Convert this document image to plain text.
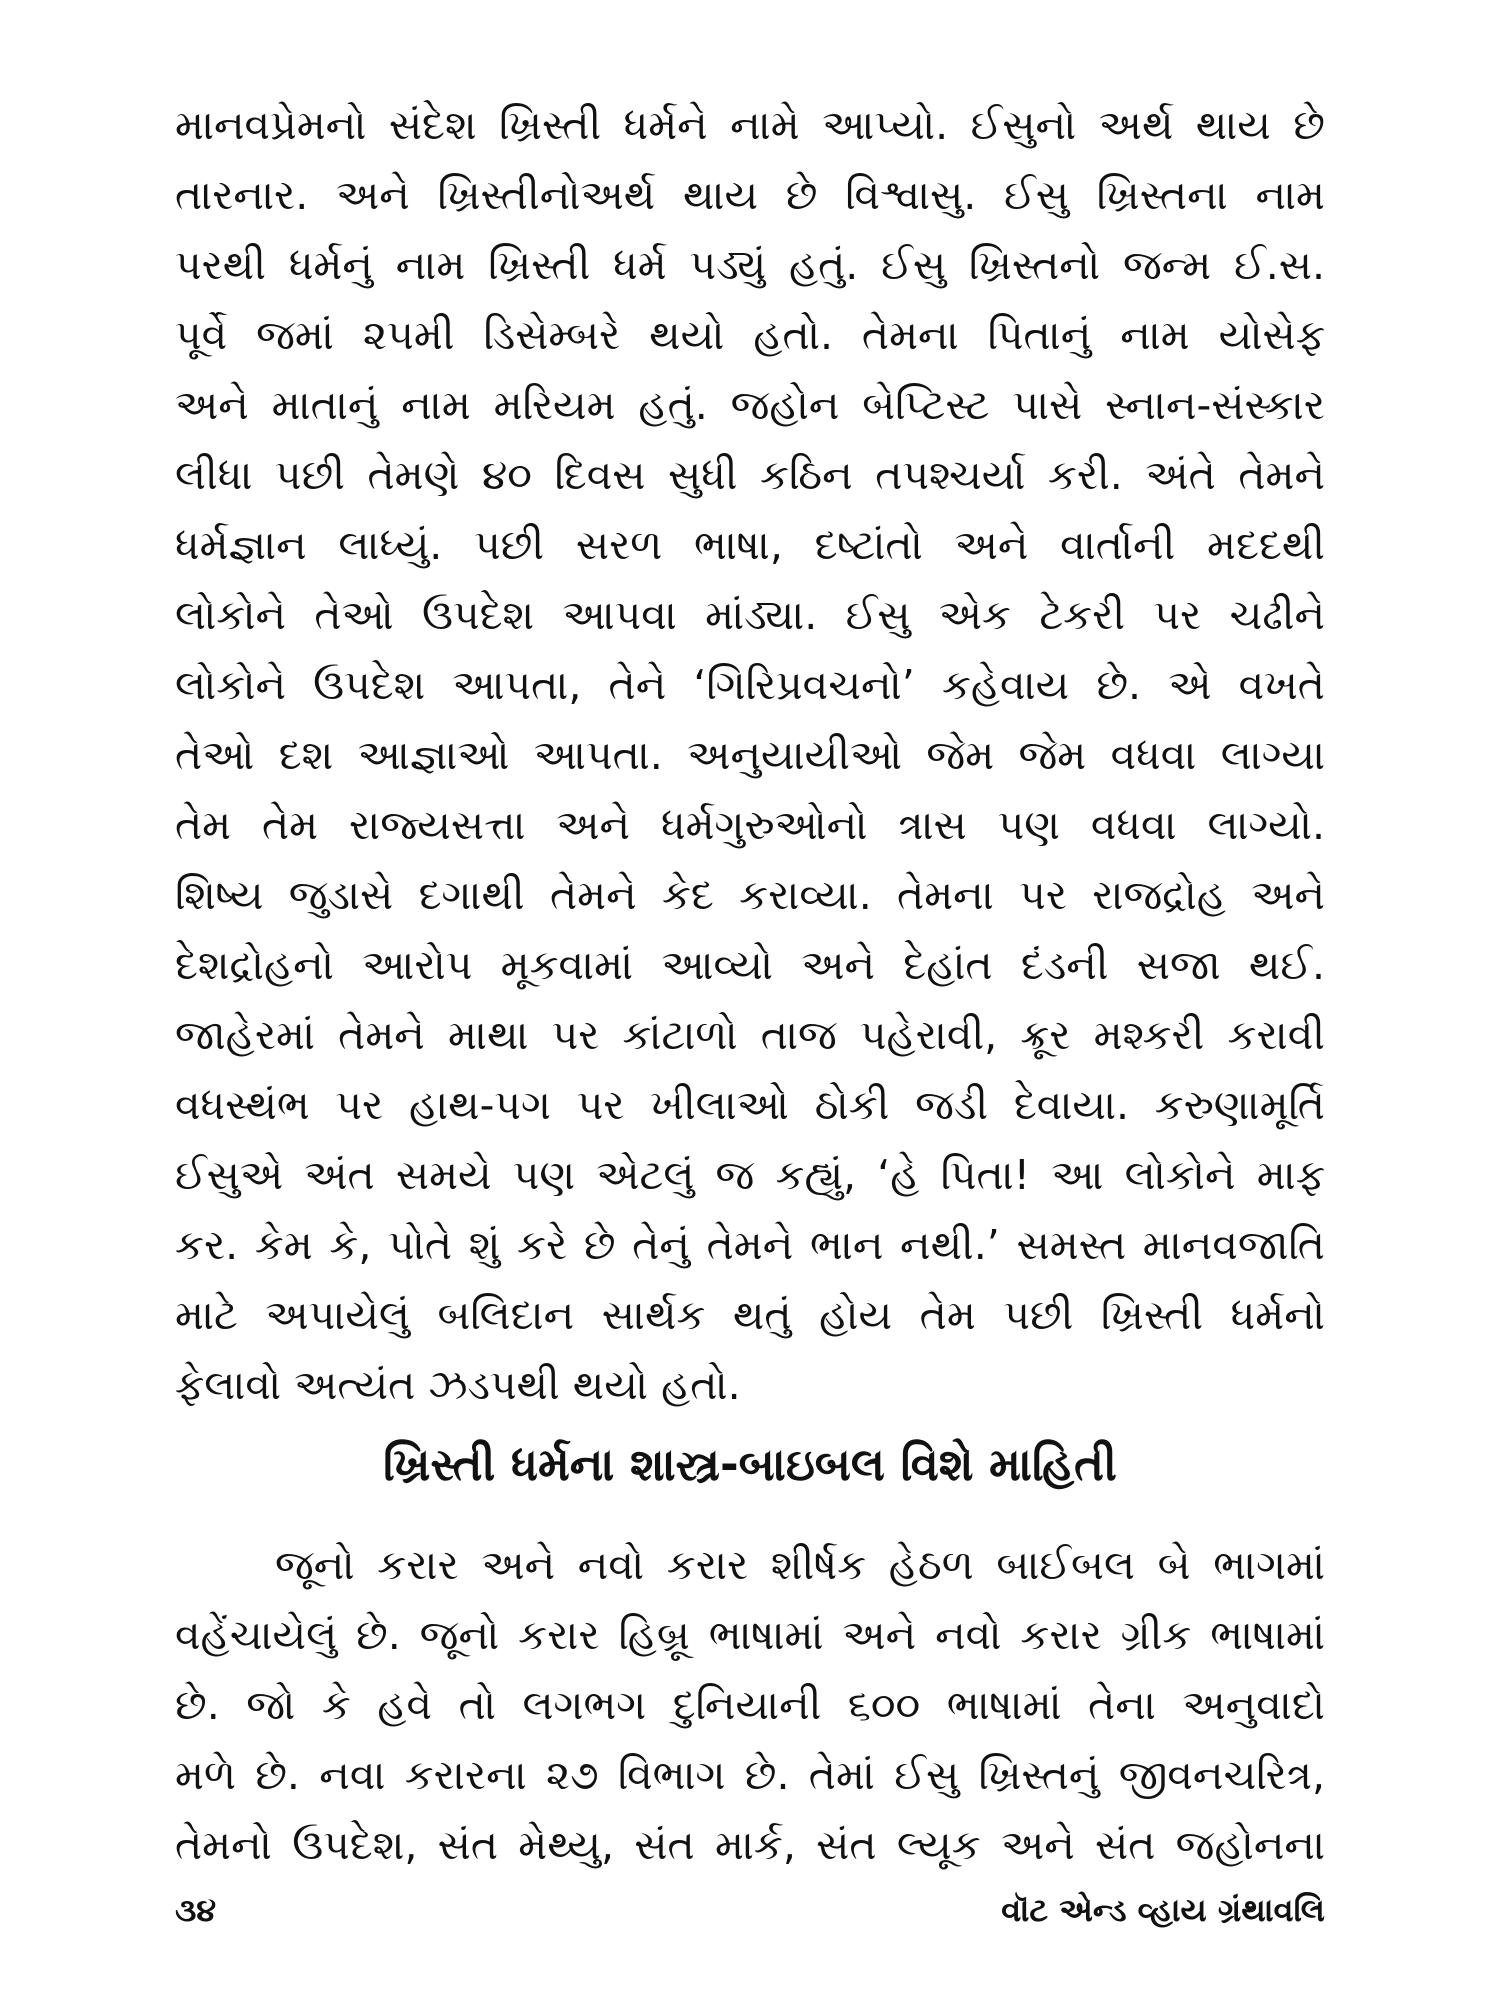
માનવપ્રેમનો સંદેશ ખ્રિસ્તી ધર્મને નામે આપ્યો. ઈસુનો અર્થ થાય છે
તારનાર. અને ખ્રિસ્તીનોઅર્થ થાય છે વિશ્વાસુ. ઈસુ ખ્રિસ્તના નામ
પરથી ધર્મનું નામ ખ્રિસ્તી ધર્મ પડ્યું હતું. ઈસુ ખ્રિસ્તનો જન્મ ઈ.સ.
પૂર્વે જમાં ૨૫મી ડિસેમ્બરે થયો હતો. તેમના પિતાનું નામ યોસેફ
અને માતાનું નામ મરિયમ હતું. જહોન બેપ્ટિસ્ટ પાસે સ્નાન-સંસ્કાર
લીધા પછી તેમણે ૪૦ દિવસ સુધી કઠિન તપશ્ચર્યા કરી. અંતે તેમને
ધર્મજ્ઞાન લાધ્યું. પછી સરળ ભાષા, દષ્ટાંતો અને વાર્તાની મદદથી
લોકોને તેઓ ઉપદેશ આપવા માંડ્યા. ઈસુ એક ટેકરી પર ચઢીને
લોકોને ઉપદેશ આપતા, તેને ‘ગિરિપ્રવચનો’ કહેવાય છે. એ વખતે
તેઓ દશ આજ્ઞાઓ આપતા. અનુયાયીઓ જેમ જેમ વધવા લાગ્યા
તેમ તેમ રાજ્યસત્તા અને ધર્મગુરુઓનો ત્રાસ પણ વધવા લાગ્યો.
શિષ્ય જુડાસે દગાથી તેમને કેદ કરાવ્યા. તેમના પર રાજદ્રોહ અને
દેશદ્રોહનો આરોપ મૂકવામાં આવ્યો અને દેહાંત દંડની સજા થઈ.
જાહેરમાં તેમને માથા પર કાંટાળો તાજ પહેરાવી, ક્રૂર મશ્કરી કરાવી
વધસ્થંભ પર હાથ-પગ પર ખીલાઓ ઠોકી જડી દેવાયા. કરુણામૂર્તિ
ઈસુએ અંત સમયે પણ એટલું જ કહ્યું, ‘હે પિતા! આ લોકોને માફ
કર. કેમ કે, પોતે શું કરે છે તેનું તેમને ભાન નથી.’ સમસ્ત માનવજાતિ
માટે અપાયેલું બલિદાન સાર્થક થતું હોય તેમ પછી ખ્રિસ્તી ધર્મનો
ફેલાવો અત્યંત ઝડપથી થયો હતો.
ખ્રિસ્તી ધર્મના શાસ્ત્ર-બાઇબલ વિશે માહિતી
જૂનો કરાર અને નવો કરાર શીર્ષક હેઠળ બાઈબલ બે ભાગમાં
વહેંચાયેલું છે. જૂનો કરાર હિબ્રૂ ભાષામાં અને નવો કરાર ગ્રીક ભાષામાં
છે. જો કે હવે તો લગભગ દુનિયાની ૬૦૦ ભાષામાં તેના અનુવાદો
મળે છે. નવા કરારના ૨૭ વિભાગ છે. તેમાં ઈસુ ખ્રિસ્તનું જીવનચરિત્ર,
તેમનો ઉપદેશ, સંત મેથ્યુ, સંત માર્ક, સંત લ્યૂક અને સંત જહોનના
૩૪	વૉટ એન્ડ વ્હાય ગ્રંથાવલિ
